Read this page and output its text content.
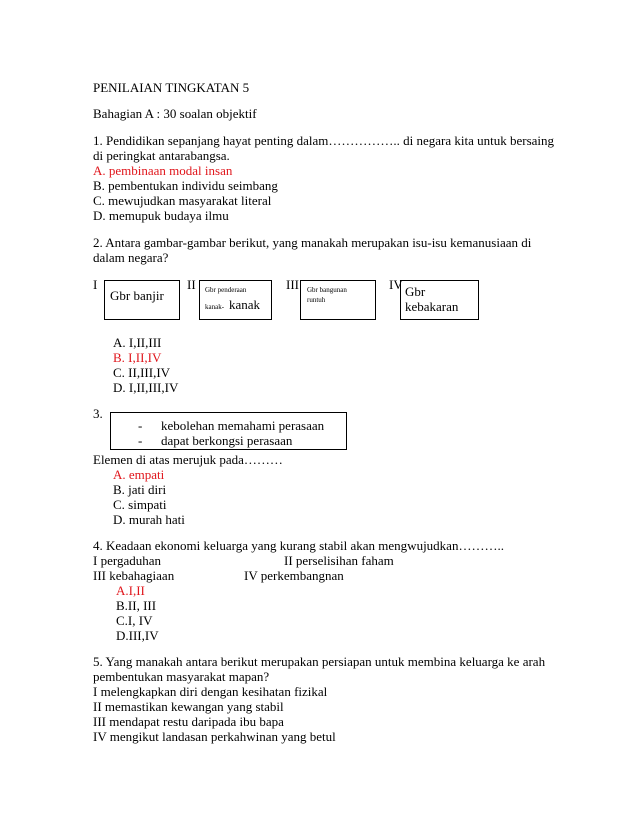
PENILAIAN TINGKATAN 5
Bahagian A : 30 soalan objektif
1. Pendidikan sepanjang hayat penting dalam…………….. di negara kita untuk bersaing
di peringkat antarabangsa.
A. pembinaan modal insan
B. pembentukan individu seimbang
C. mewujudkan masyarakat literal
D. memupuk budaya ilmu
2. Antara gambar-gambar berikut, yang manakah merupakan isu-isu kemanusiaan di
dalam negara?
I
Gbr banjir
II Gbr penderaan
kanak- kanak
III Gbr bangunan
runtuh
IV Gbr
kebakaran
A. I,II,III
B. I,II,IV
C. II,III,IV
D. I,II,III,IV
3.
- kebolehan memahami perasaan
- dapat berkongsi perasaan
Elemen di atas merujuk pada………
A. empati
B. jati diri
C. simpati
D. murah hati
4. Keadaan ekonomi keluarga yang kurang stabil akan mengwujudkan………..
I pergaduhan	II perselisihan faham
III kebahagiaan	IV perkembangnan
A.I,II
B.II, III
C.I, IV
D.III,IV
5. Yang manakah antara berikut merupakan persiapan untuk membina keluarga ke arah
pembentukan masyarakat mapan?
I melengkapkan diri dengan kesihatan fizikal
II memastikan kewangan yang stabil
III mendapat restu daripada ibu bapa
IV mengikut landasan perkahwinan yang betul
